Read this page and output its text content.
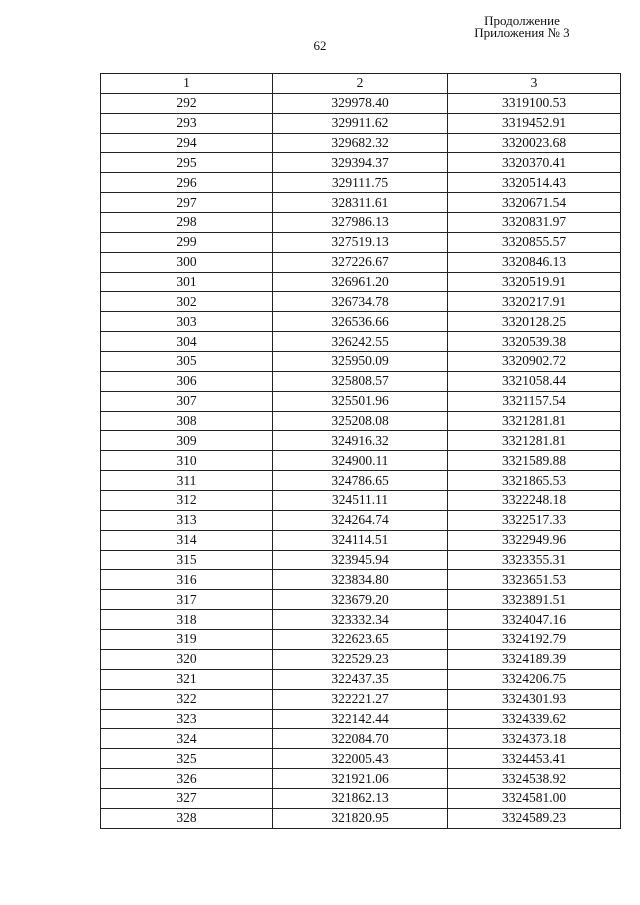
Продолжение
Приложения № 3
62
1	2	3
292	329978.40	3319100.53
293	329911.62	3319452.91
294	329682.32	3320023.68
295	329394.37	3320370.41
296	329111.75	3320514.43
297	328311.61	3320671.54
298	327986.13	3320831.97
299	327519.13	3320855.57
300	327226.67	3320846.13
301	326961.20	3320519.91
302	326734.78	3320217.91
303	326536.66	3320128.25
304	326242.55	3320539.38
305	325950.09	3320902.72
306	325808.57	3321058.44
307	325501.96	3321157.54
308	325208.08	3321281.81
309	324916.32	3321281.81
310	324900.11	3321589.88
311	324786.65	3321865.53
312	324511.11	3322248.18
313	324264.74	3322517.33
314	324114.51	3322949.96
315	323945.94	3323355.31
316	323834.80	3323651.53
317	323679.20	3323891.51
318	323332.34	3324047.16
319	322623.65	3324192.79
320	322529.23	3324189.39
321	322437.35	3324206.75
322	322221.27	3324301.93
323	322142.44	3324339.62
324	322084.70	3324373.18
325	322005.43	3324453.41
326	321921.06	3324538.92
327	321862.13	3324581.00
328	321820.95	3324589.23
